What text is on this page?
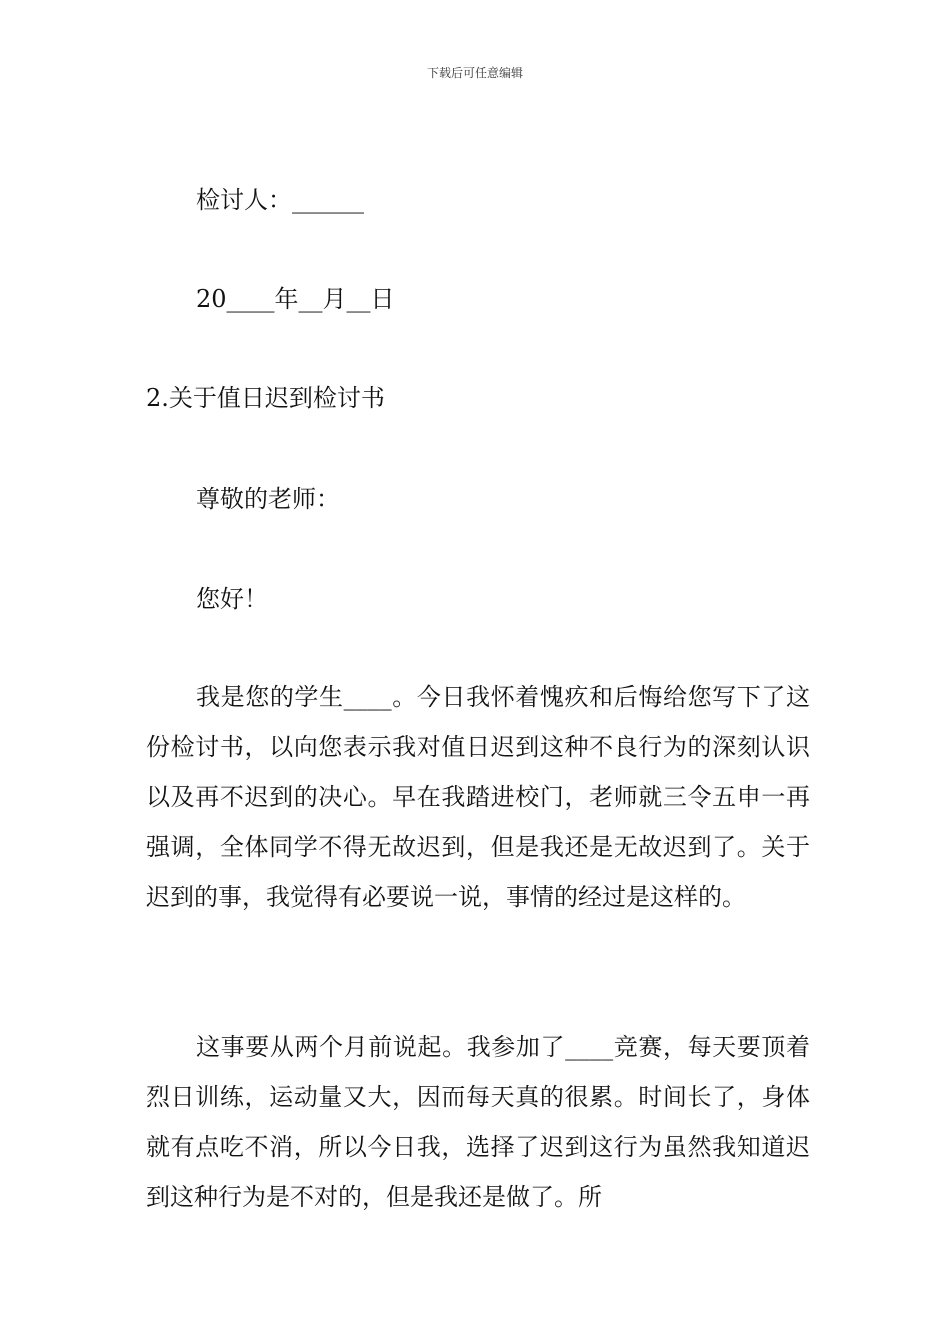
下载后可任意编辑
检讨人：______
20____年__月__日
2.关于值日迟到检讨书
尊敬的老师：
您好！

我是您的学生____。今日我怀着愧疚和后悔给您写下了这份检讨书，以向您表示我对值日迟到这种不良行为的深刻认识以及再不迟到的决心。早在我踏进校门，老师就三令五申一再强调，全体同学不得无故迟到，但是我还是无故迟到了。关于迟到的事，我觉得有必要说一说，事情的经过是这样的。

这事要从两个月前说起。我参加了____竞赛，每天要顶着烈日训练，运动量又大，因而每天真的很累。时间长了，身体就有点吃不消，所以今日我，选择了迟到这行为虽然我知道迟到这种行为是不对的，但是我还是做了。所
